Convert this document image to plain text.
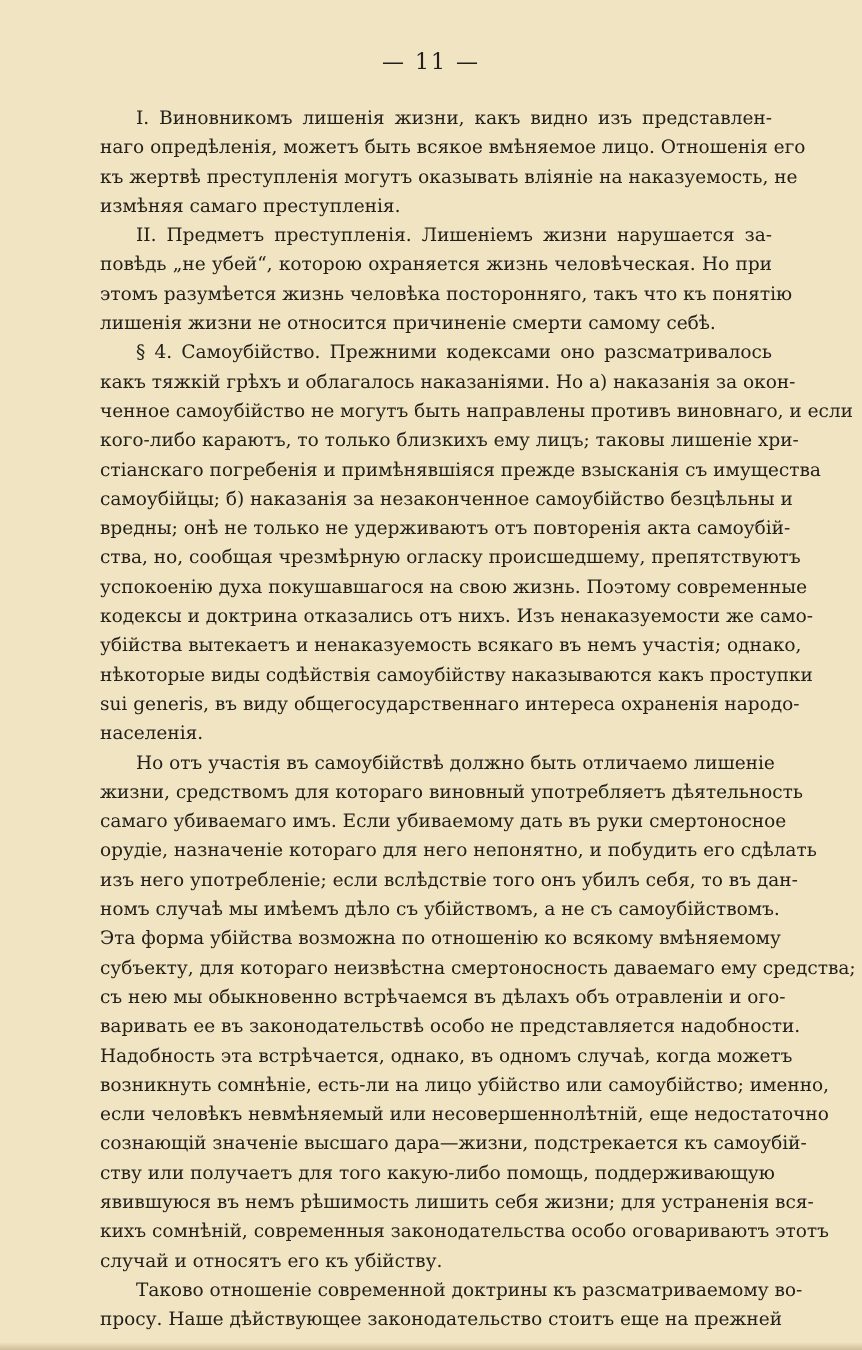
— 11 —
I. Виновникомъ лишенія жизни, какъ видно изъ представлен-
наго опредѣленія, можетъ быть всякое вмѣняемое лицо. Отношенія его
къ жертвѣ преступленія могутъ оказывать вліяніе на наказуемость, не
измѣняя самаго преступленія.
II. Предметъ преступленія. Лишеніемъ жизни нарушается за-
повѣдь „не убей“, которою охраняется жизнь человѣческая. Но при
этомъ разумѣется жизнь человѣка посторонняго, такъ что къ понятію
лишенія жизни не относится причиненіе смерти самому себѣ.
§ 4. Самоубійство. Прежними кодексами оно разсматривалось
какъ тяжкій грѣхъ и облагалось наказаніями. Но а) наказанія за окон-
ченное самоубійство не могутъ быть направлены противъ виновнаго, и если
кого-либо караютъ, то только близкихъ ему лицъ; таковы лишеніе хри-
стіанскаго погребенія и примѣнявшіяся прежде взысканія съ имущества
самоубійцы; б) наказанія за незаконченное самоубійство безцѣльны и
вредны; онѣ не только не удерживаютъ отъ повторенія акта самоубій-
ства, но, сообщая чрезмѣрную огласку происшедшему, препятствуютъ
успокоенію духа покушавшагося на свою жизнь. Поэтому современные
кодексы и доктрина отказались отъ нихъ. Изъ ненаказуемости же само-
убійства вытекаетъ и ненаказуемость всякаго въ немъ участія; однако,
нѣкоторые виды содѣйствія самоубійству наказываются какъ проступки
sui generis, въ виду общегосударственнаго интереса охраненія народо-
населенія.
Но отъ участія въ самоубійствѣ должно быть отличаемо лишеніе
жизни, средствомъ для котораго виновный употребляетъ дѣятельность
самаго убиваемаго имъ. Если убиваемому дать въ руки смертоносное
орудіе, назначеніе котораго для него непонятно, и побудить его сдѣлать
изъ него употребленіе; если вслѣдствіе того онъ убилъ себя, то въ дан-
номъ случаѣ мы имѣемъ дѣло съ убійствомъ, а не съ самоубійствомъ.
Эта форма убійства возможна по отношенію ко всякому вмѣняемому
субъекту, для котораго неизвѣстна смертоносность даваемаго ему средства;
съ нею мы обыкновенно встрѣчаемся въ дѣлахъ объ отравленіи и ого-
варивать ее въ законодательствѣ особо не представляется надобности.
Надобность эта встрѣчается, однако, въ одномъ случаѣ, когда можетъ
возникнуть сомнѣніе, есть-ли на лицо убійство или самоубійство; именно,
если человѣкъ невмѣняемый или несовершеннолѣтній, еще недостаточно
сознающій значеніе высшаго дара—жизни, подстрекается къ самоубій-
ству или получаетъ для того какую-либо помощь, поддерживающую
явившуюся въ немъ рѣшимость лишить себя жизни; для устраненія вся-
кихъ сомнѣній, современныя законодательства особо оговариваютъ этотъ
случай и относятъ его къ убійству.
Таково отношеніе современной доктрины къ разсматриваемому во-
просу. Наше дѣйствующее законодательство стоитъ еще на прежней
